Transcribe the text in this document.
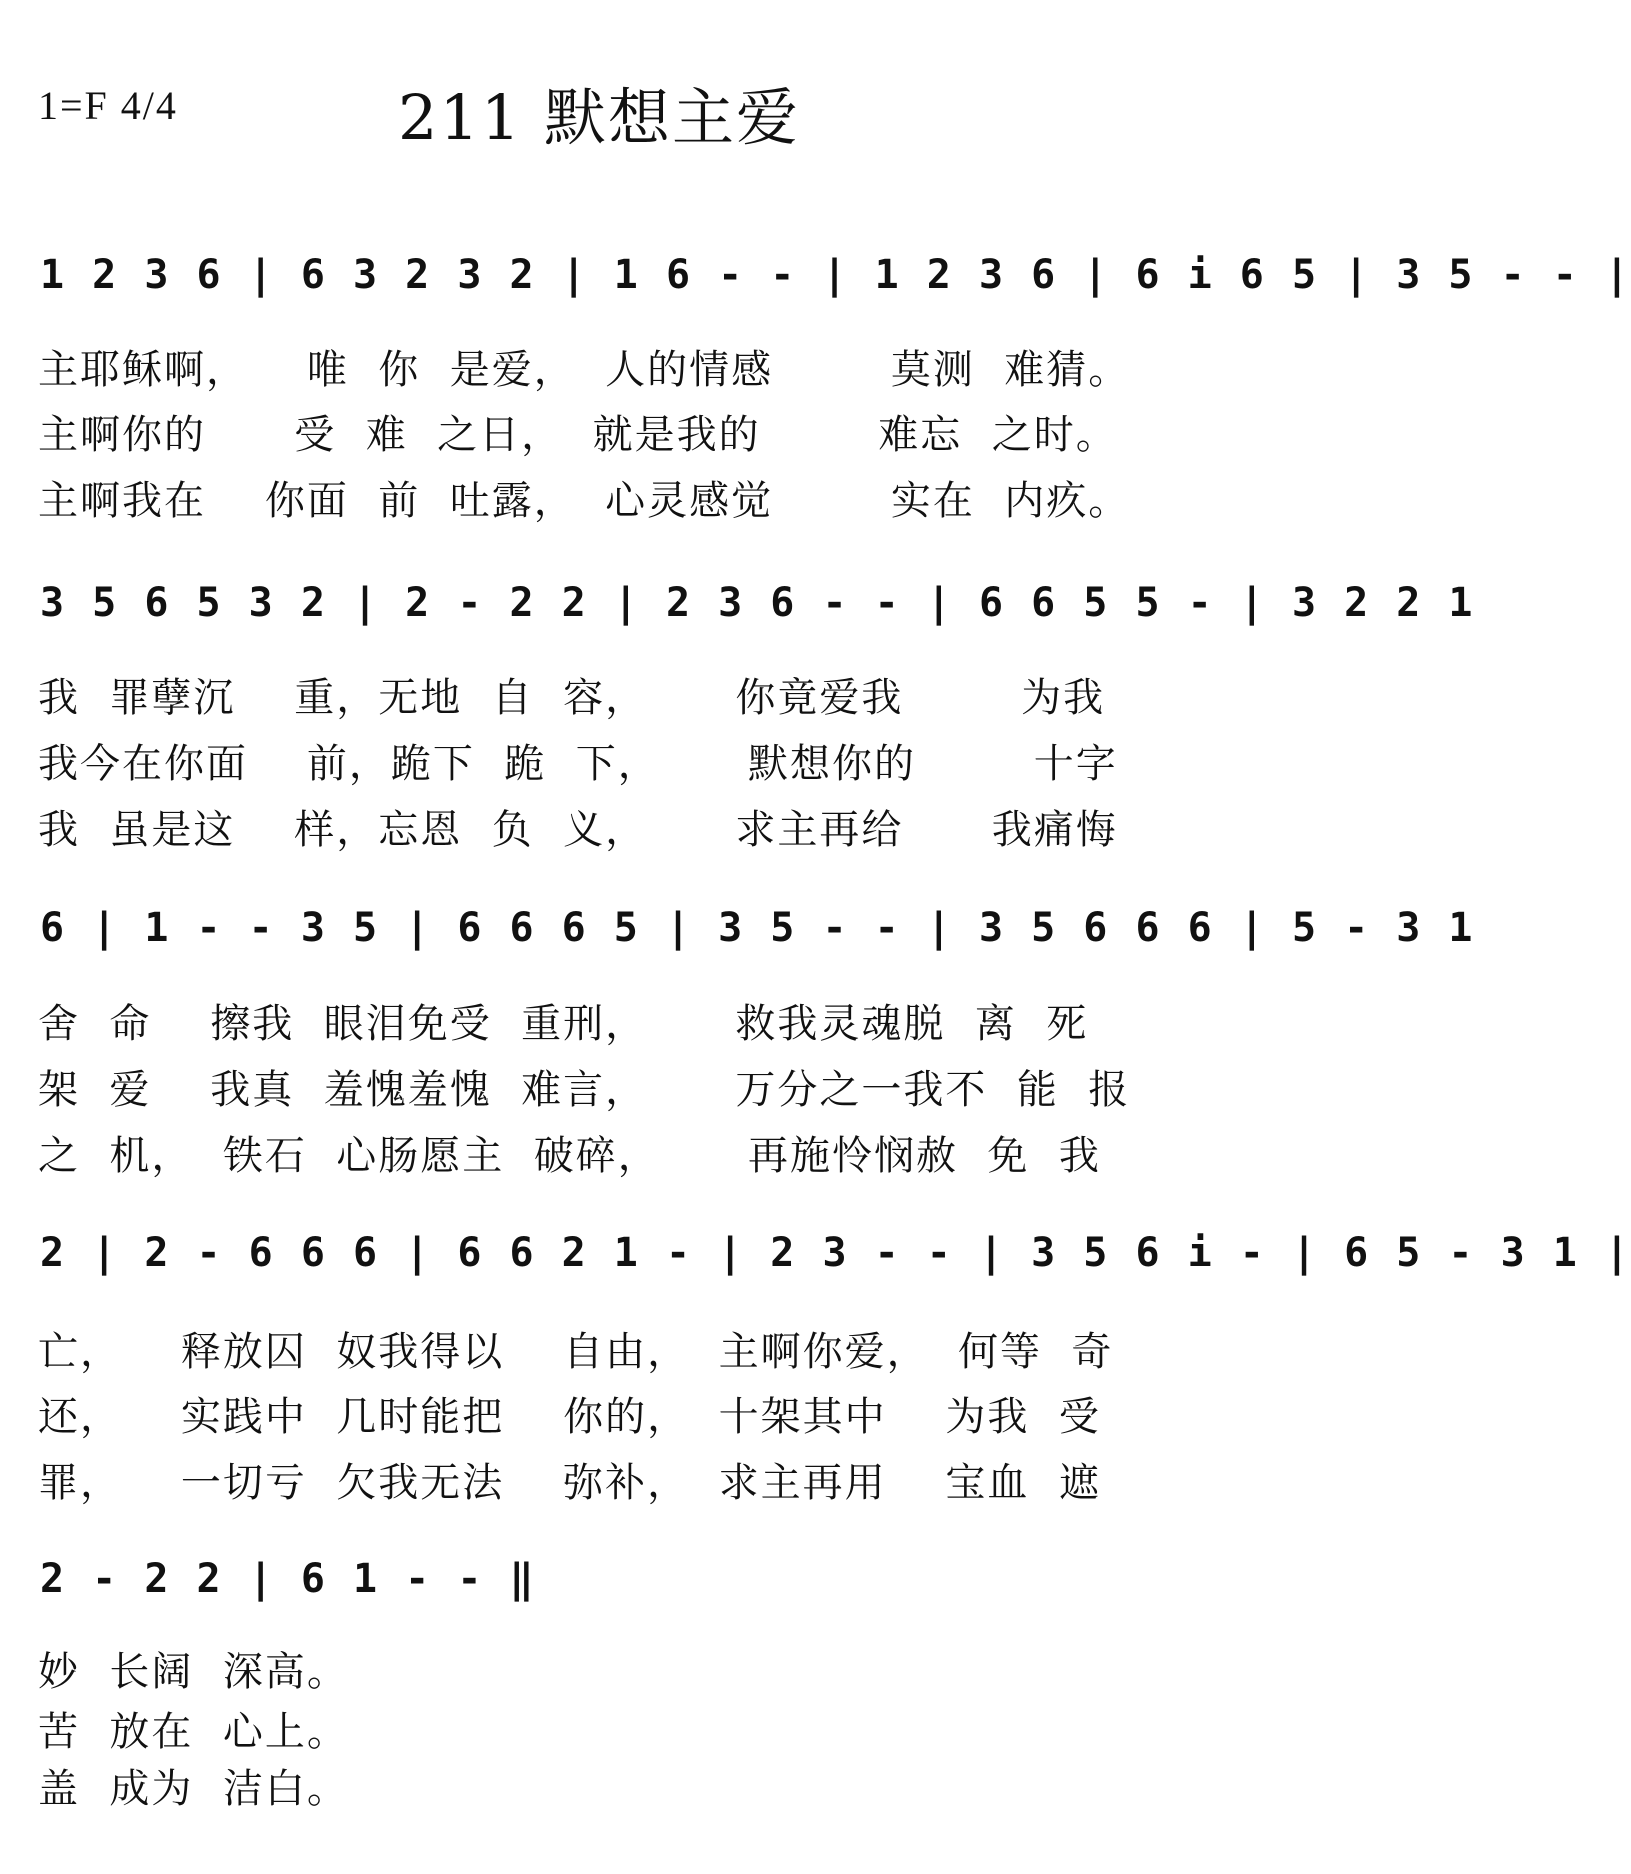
1=F 4/4	211 默想主爱
1 2 3 6 | 6 3 2 3 2 | 1 6 - - | 1 2 3 6 | 6 i 6 5 | 3 5 - - |
主耶稣啊，    唯  你  是爱，  人的情感        莫测  难猜。
主啊你的      受  难  之日，  就是我的        难忘  之时。
主啊我在    你面  前  吐露，  心灵感觉        实在  内疚。
3 5 6 5 3 2 | 2 - 2 2 | 2 3 6 - - | 6 6 5 5 - | 3 2 2 1
我  罪孽沉    重，无地  自  容，      你竟爱我        为我
我今在你面    前，跪下  跪  下，      默想你的        十字
我  虽是这    样，忘恩  负  义，      求主再给      我痛悔
6 | 1 - - 3 5 | 6 6 6 5 | 3 5 - - | 3 5 6 6 6 | 5 - 3 1
舍  命    擦我  眼泪免受  重刑，      救我灵魂脱  离  死
架  爱    我真  羞愧羞愧  难言，      万分之一我不  能  报
之  机，  铁石  心肠愿主  破碎，      再施怜悯赦  免  我
2 | 2 - 6 6 6 | 6 6 2 1 - | 2 3 - - | 3 5 6 i - | 6 5 - 3 1 |
亡，    释放囚  奴我得以    自由，  主啊你爱，  何等  奇
还，    实践中  几时能把    你的，  十架其中    为我  受
罪，    一切亏  欠我无法    弥补，  求主再用    宝血  遮
2 - 2 2 | 6 1 - - ‖
妙  长阔  深高。
苦  放在  心上。
盖  成为  洁白。
